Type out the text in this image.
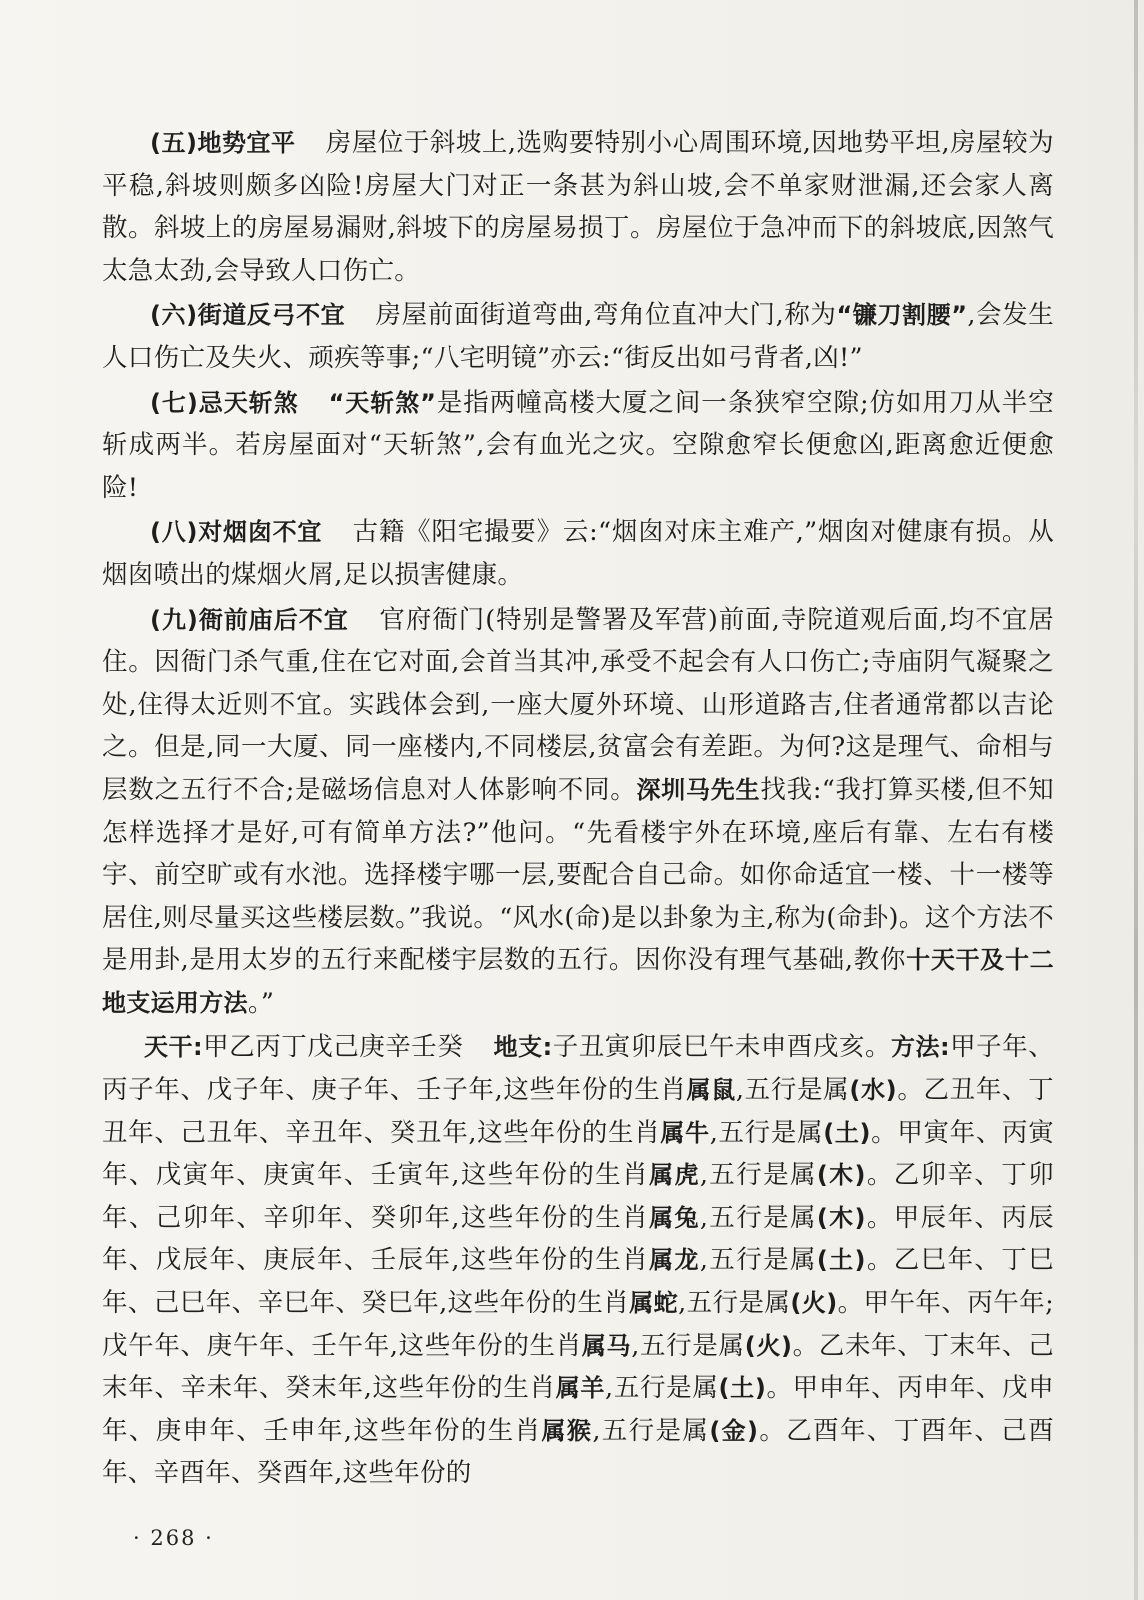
(五)地势宜平 房屋位于斜坡上,选购要特别小心周围环境,因地势平坦,房屋较为平稳,斜坡则颇多凶险!房屋大门对正一条甚为斜山坡,会不单家财泄漏,还会家人离散。斜坡上的房屋易漏财,斜坡下的房屋易损丁。房屋位于急冲而下的斜坡底,因煞气太急太劲,会导致人口伤亡。

(六)街道反弓不宜 房屋前面街道弯曲,弯角位直冲大门,称为“镰刀割腰”,会发生人口伤亡及失火、顽疾等事;“八宅明镜”亦云:“街反出如弓背者,凶!”

(七)忌天斩煞 “天斩煞”是指两幢高楼大厦之间一条狭窄空隙;仿如用刀从半空斩成两半。若房屋面对“天斩煞”,会有血光之灾。空隙愈窄长便愈凶,距离愈近便愈险!

(八)对烟囱不宜 古籍《阳宅撮要》云:“烟囱对床主难产,”烟囱对健康有损。从烟囱喷出的煤烟火屑,足以损害健康。

(九)衙前庙后不宜 官府衙门(特别是警署及军营)前面,寺院道观后面,均不宜居住。因衙门杀气重,住在它对面,会首当其冲,承受不起会有人口伤亡;寺庙阴气凝聚之处,住得太近则不宜。实践体会到,一座大厦外环境、山形道路吉,住者通常都以吉论之。但是,同一大厦、同一座楼内,不同楼层,贫富会有差距。为何?这是理气、命相与层数之五行不合;是磁场信息对人体影响不同。深圳马先生找我:“我打算买楼,但不知怎样选择才是好,可有简单方法?”他问。“先看楼宇外在环境,座后有靠、左右有楼宇、前空旷或有水池。选择楼宇哪一层,要配合自己命。如你命适宜一楼、十一楼等居住,则尽量买这些楼层数。”我说。“风水(命)是以卦象为主,称为(命卦)。这个方法不是用卦,是用太岁的五行来配楼宇层数的五行。因你没有理气基础,教你十天干及十二地支运用方法。”

天干:甲乙丙丁戊己庚辛壬癸 地支:子丑寅卯辰巳午未申酉戌亥。方法:甲子年、丙子年、戊子年、庚子年、壬子年,这些年份的生肖属鼠,五行是属(水)。乙丑年、丁丑年、己丑年、辛丑年、癸丑年,这些年份的生肖属牛,五行是属(土)。甲寅年、丙寅年、戊寅年、庚寅年、壬寅年,这些年份的生肖属虎,五行是属(木)。乙卯辛、丁卯年、己卯年、辛卯年、癸卯年,这些年份的生肖属兔,五行是属(木)。甲辰年、丙辰年、戊辰年、庚辰年、壬辰年,这些年份的生肖属龙,五行是属(土)。乙巳年、丁巳年、己巳年、辛巳年、癸巳年,这些年份的生肖属蛇,五行是属(火)。甲午年、丙午年;戊午年、庚午年、壬午年,这些年份的生肖属马,五行是属(火)。乙未年、丁末年、己末年、辛未年、癸末年,这些年份的生肖属羊,五行是属(土)。甲申年、丙申年、戊申年、庚申年、壬申年,这些年份的生肖属猴,五行是属(金)。乙酉年、丁酉年、己酉年、辛酉年、癸酉年,这些年份的

· 268 ·
